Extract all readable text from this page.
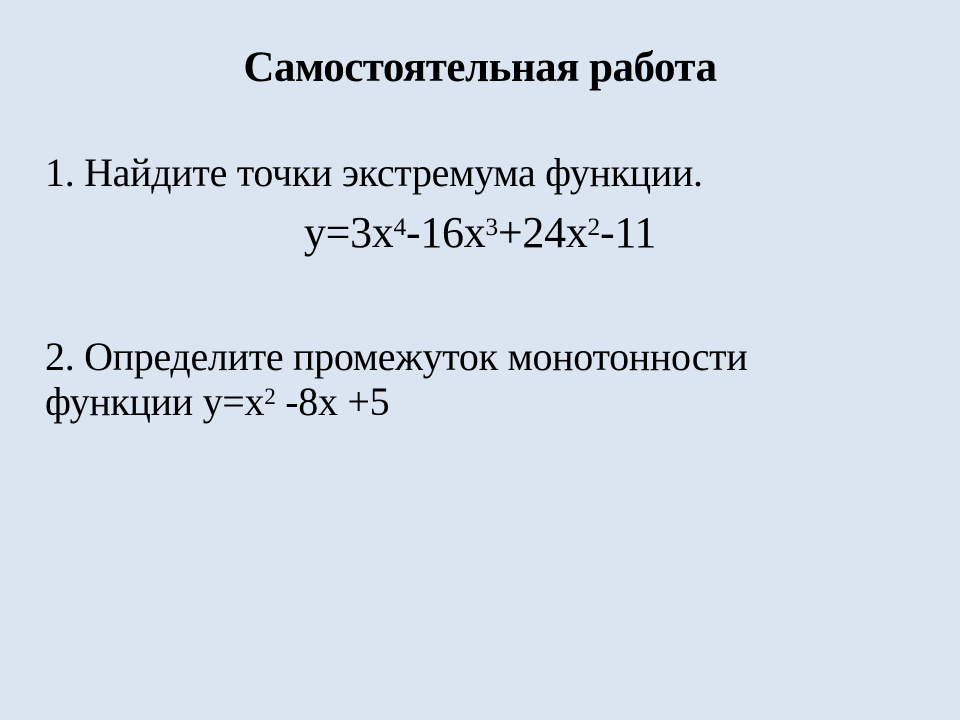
Самостоятельная работа
1. Найдите точки экстремума функции.
$у=3х^4-16х^3+24х^2-11$
2. Определите промежуток монотонности
функции $у=х^2$ -8х +5
